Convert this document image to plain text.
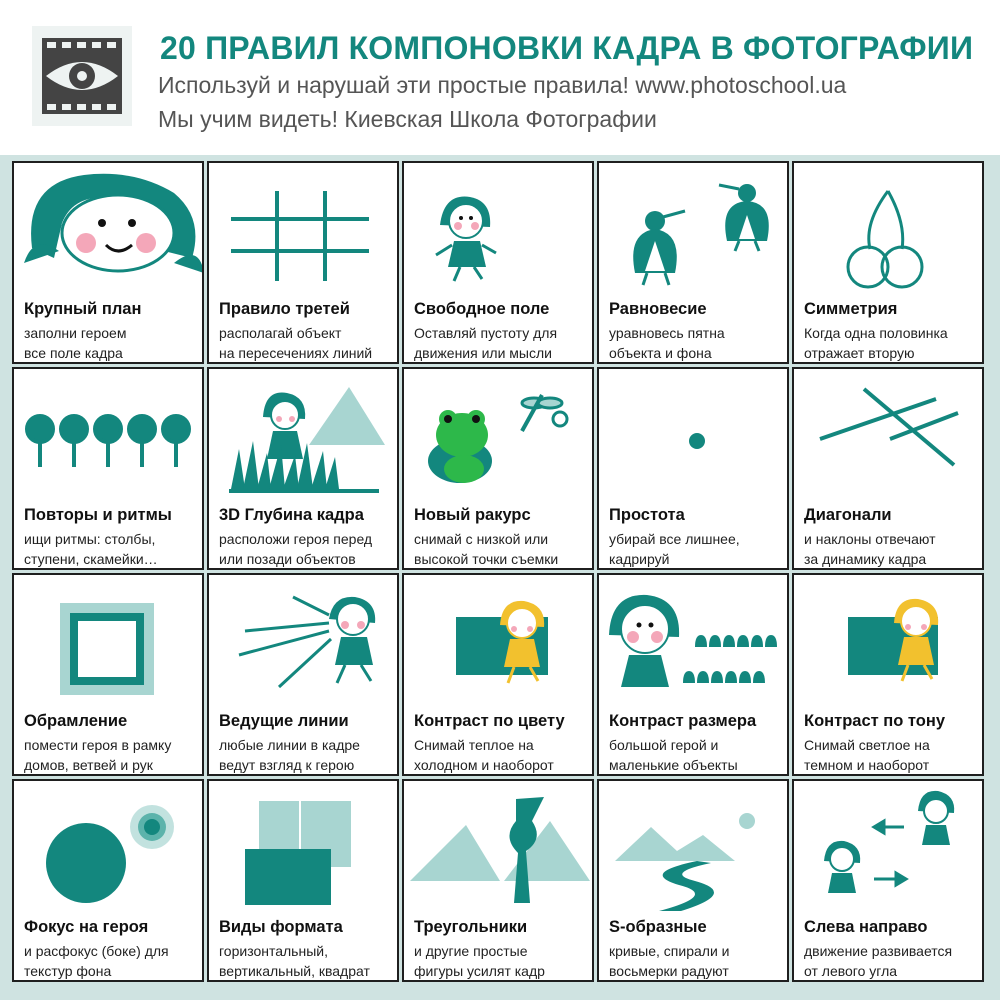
20 ПРАВИЛ КОМПОНОВКИ КАДРА В ФОТОГРАФИИ
Используй и нарушай эти простые правила! www.photoschool.ua
Мы учим видеть! Киевская Школа Фотографии
Крупный план
заполни героем
все поле кадра
Правило третей
располагай объект
на пересечениях линий
Свободное поле
Оставляй пустоту для
движения или мысли
Равновесие
уравновесь пятна
объекта и фона
Симметрия
Когда одна половинка
отражает вторую
Повторы и ритмы
ищи ритмы: столбы,
ступени, скамейки…
3D Глубина кадра
расположи героя перед
или позади объектов
Новый ракурс
снимай с низкой или
высокой точки съемки
Простота
убирай все лишнее,
кадрируй
Диагонали
и наклоны отвечают
за динамику кадра
Обрамление
помести героя в рамку
домов, ветвей и рук
Ведущие линии
любые линии в кадре
ведут взгляд к герою
Контраст по цвету
Снимай теплое на
холодном и наоборот
Контраст размера
большой герой и
маленькие объекты
Контраст по тону
Снимай светлое на
темном и наоборот
Фокус на героя
и расфокус (боке) для
текстур фона
Виды формата
горизонтальный,
вертикальный, квадрат
Треугольники
и другие простые
фигуры усилят кадр
S-образные
кривые, спирали и
восьмерки радуют
Слева направо
движение развивается
от левого угла
